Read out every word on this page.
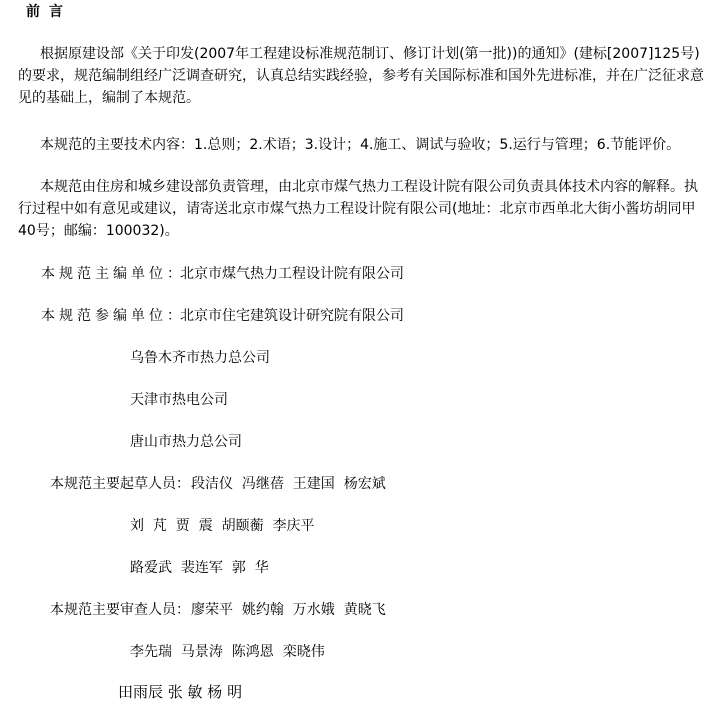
前 言

根据原建设部《关于印发(2007年工程建设标准规范制订、修订计划(第一批))的通知》(建标[2007]125号)的要求，规范编制组经广泛调查研究，认真总结实践经验，参考有关国际标准和国外先进标准，并在广泛征求意见的基础上，编制了本规范。

本规范的主要技术内容：1.总则；2.术语；3.设计；4.施工、调试与验收；5.运行与管理；6.节能评价。

本规范由住房和城乡建设部负责管理，由北京市煤气热力工程设计院有限公司负责具体技术内容的解释。执行过程中如有意见或建议，请寄送北京市煤气热力工程设计院有限公司(地址：北京市西单北大街小酱坊胡同甲40号；邮编：100032)。

本规范主编单位：
北京市煤气热力工程设计院有限公司
本规范参编单位：
北京市住宅建筑设计研究院有限公司
乌鲁木齐市热力总公司
天津市热电公司
唐山市热力总公司
本规范主要起草人员： 段洁仪  冯继蓓  王建国  杨宏斌
刘  芃  贾  震  胡颐蘅  李庆平
路爱武  裴连军  郭  华
本规范主要审查人员： 廖荣平  姚约翰  万水娥  黄晓飞
李先瑞  马景涛  陈鸿恩  栾晓伟
田雨辰 张 敏 杨 明
